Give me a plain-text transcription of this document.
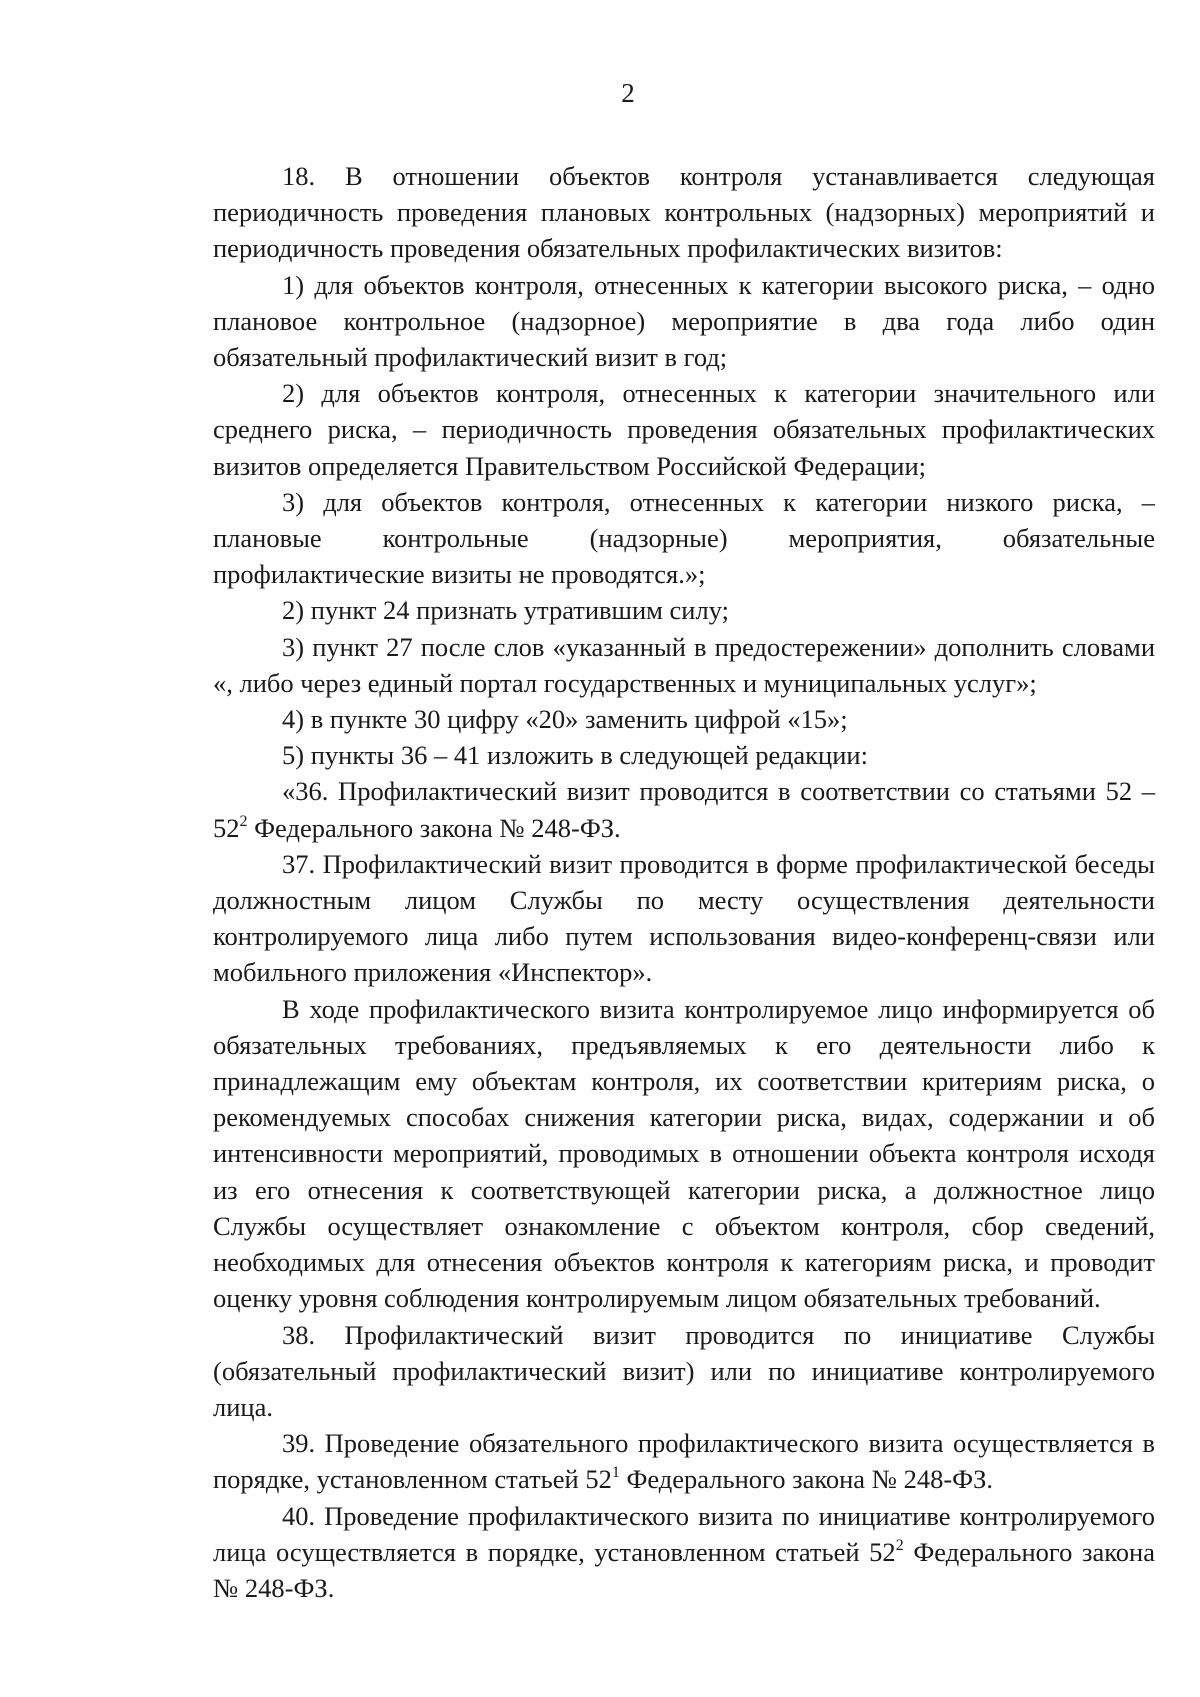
2

18. В отношении объектов контроля устанавливается следующая периодичность проведения плановых контрольных (надзорных) мероприятий и периодичность проведения обязательных профилактических визитов:

1) для объектов контроля, отнесенных к категории высокого риска, – одно плановое контрольное (надзорное) мероприятие в два года либо один обязательный профилактический визит в год;

2) для объектов контроля, отнесенных к категории значительного или среднего риска, – периодичность проведения обязательных профилактических визитов определяется Правительством Российской Федерации;

3) для объектов контроля, отнесенных к категории низкого риска, – плановые контрольные (надзорные) мероприятия, обязательные профилактические визиты не проводятся.»;

2) пункт 24 признать утратившим силу;

3) пункт 27 после слов «указанный в предостережении» дополнить словами «, либо через единый портал государственных и муниципальных услуг»;

4) в пункте 30 цифру «20» заменить цифрой «15»;

5) пункты 36 – 41 изложить в следующей редакции:

«36. Профилактический визит проводится в соответствии со статьями $52 - 52^2$ Федерального закона № 248-ФЗ.

37. Профилактический визит проводится в форме профилактической беседы должностным лицом Службы по месту осуществления деятельности контролируемого лица либо путем использования видео-конференц-связи или мобильного приложения «Инспектор».

В ходе профилактического визита контролируемое лицо информируется об обязательных требованиях, предъявляемых к его деятельности либо к принадлежащим ему объектам контроля, их соответствии критериям риска, о рекомендуемых способах снижения категории риска, видах, содержании и об интенсивности мероприятий, проводимых в отношении объекта контроля исходя из его отнесения к соответствующей категории риска, а должностное лицо Службы осуществляет ознакомление с объектом контроля, сбор сведений, необходимых для отнесения объектов контроля к категориям риска, и проводит оценку уровня соблюдения контролируемым лицом обязательных требований.

38. Профилактический визит проводится по инициативе Службы (обязательный профилактический визит) или по инициативе контролируемого лица.

39. Проведение обязательного профилактического визита осуществляется в порядке, установленном статьей $52^1$ Федерального закона № 248-ФЗ.

40. Проведение профилактического визита по инициативе контролируемого лица осуществляется в порядке, установленном статьей $52^2$ Федерального закона № 248-ФЗ.
